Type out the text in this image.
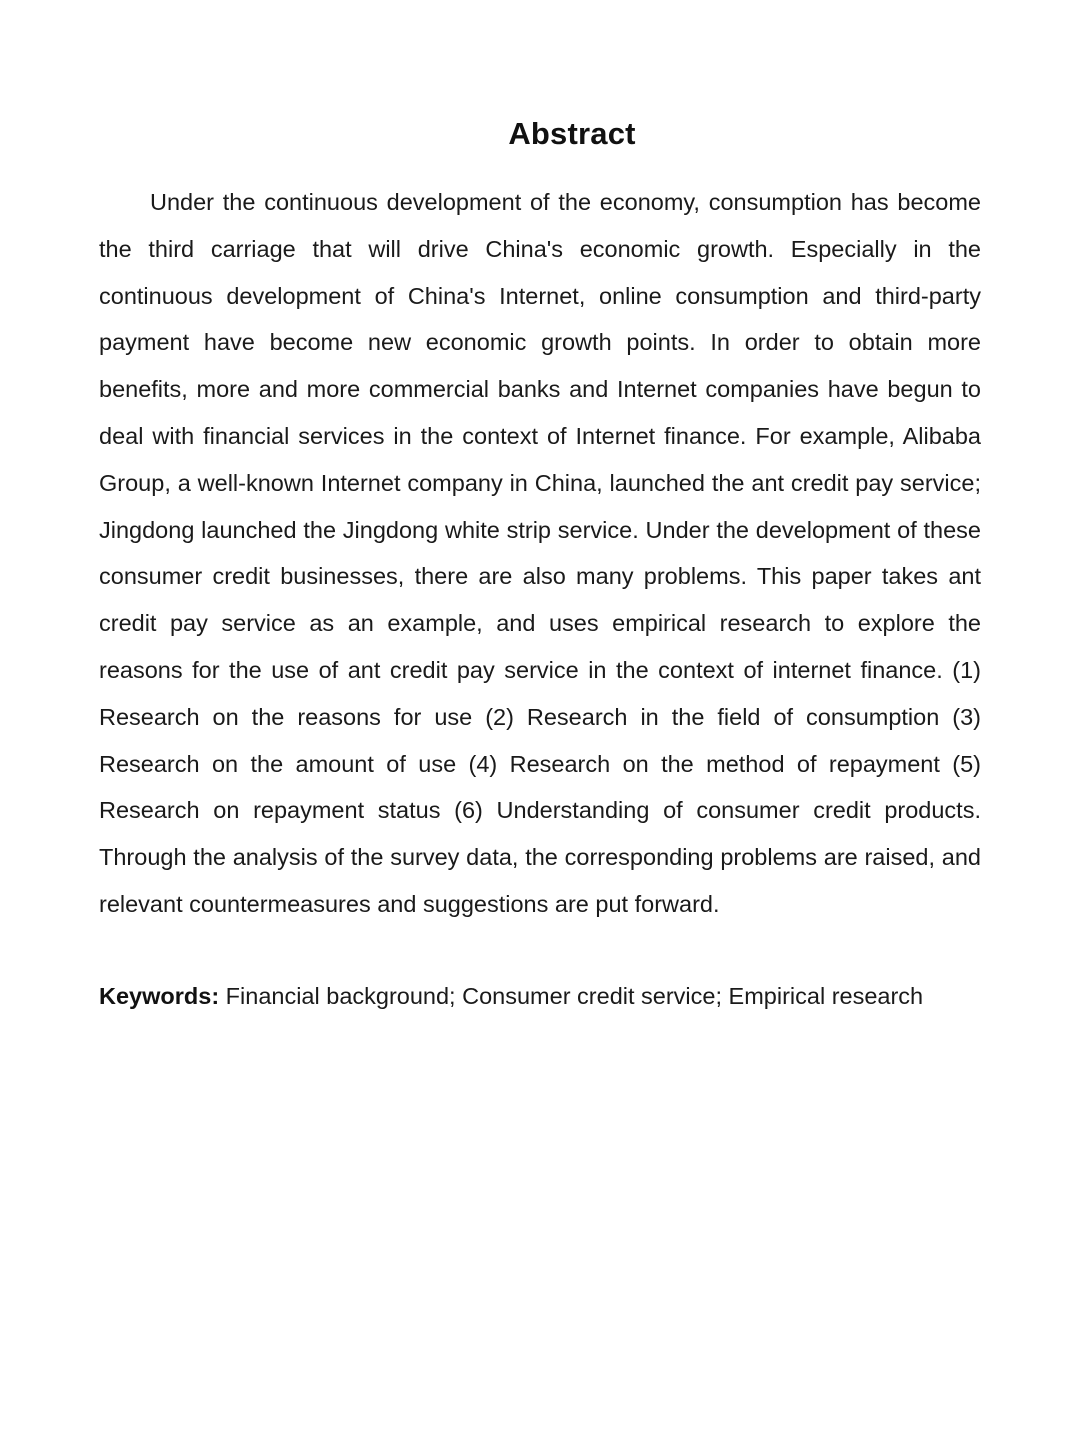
Abstract

Under the continuous development of the economy, consumption has become the third carriage that will drive China's economic growth. Especially in the continuous development of China's Internet, online consumption and third-party payment have become new economic growth points. In order to obtain more benefits, more and more commercial banks and Internet companies have begun to deal with financial services in the context of Internet finance. For example, Alibaba Group, a well-known Internet company in China, launched the ant credit pay service; Jingdong launched the Jingdong white strip service. Under the development of these consumer credit businesses, there are also many problems. This paper takes ant credit pay service as an example, and uses empirical research to explore the reasons for the use of ant credit pay service in the context of internet finance. (1) Research on the reasons for use (2) Research in the field of consumption (3) Research on the amount of use (4) Research on the method of repayment (5) Research on repayment status (6) Understanding of consumer credit products. Through the analysis of the survey data, the corresponding problems are raised, and relevant countermeasures and suggestions are put forward.

Keywords: Financial background; Consumer credit service; Empirical research
